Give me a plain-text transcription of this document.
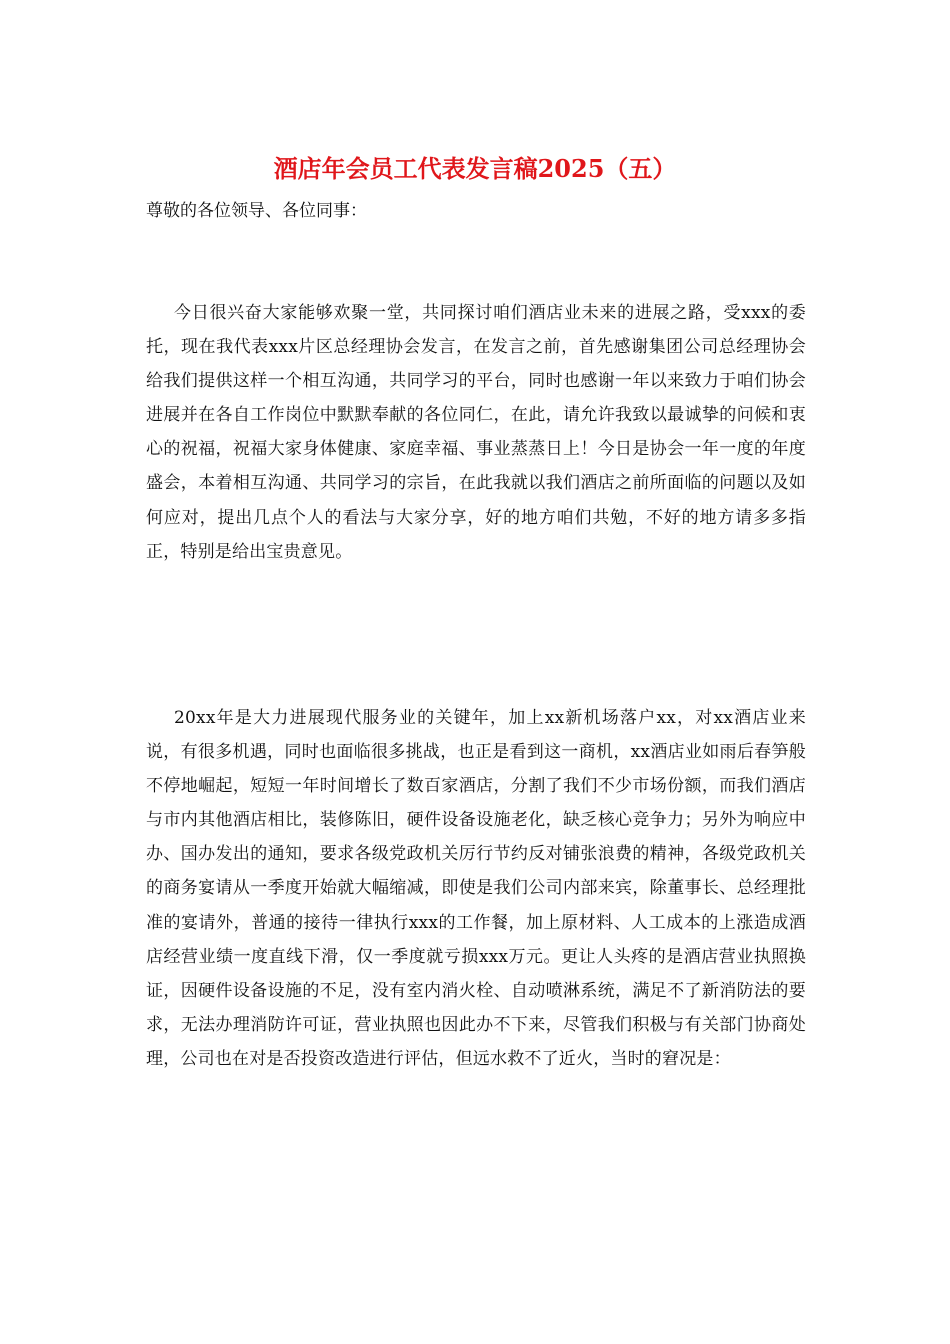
酒店年会员工代表发言稿2025（五）

尊敬的各位领导、各位同事：

今日很兴奋大家能够欢聚一堂，共同探讨咱们酒店业未来的进展之路，受xxx的委托，现在我代表xxx片区总经理协会发言，在发言之前，首先感谢集团公司总经理协会给我们提供这样一个相互沟通，共同学习的平台，同时也感谢一年以来致力于咱们协会进展并在各自工作岗位中默默奉献的各位同仁，在此，请允许我致以最诚挚的问候和衷心的祝福，祝福大家身体健康、家庭幸福、事业蒸蒸日上！今日是协会一年一度的年度盛会，本着相互沟通、共同学习的宗旨，在此我就以我们酒店之前所面临的问题以及如何应对，提出几点个人的看法与大家分享，好的地方咱们共勉，不好的地方请多多指正，特别是给出宝贵意见。

20xx年是大力进展现代服务业的关键年，加上xx新机场落户xx，对xx酒店业来说，有很多机遇，同时也面临很多挑战，也正是看到这一商机，xx酒店业如雨后春笋般不停地崛起，短短一年时间增长了数百家酒店，分割了我们不少市场份额，而我们酒店与市内其他酒店相比，装修陈旧，硬件设备设施老化，缺乏核心竞争力；另外为响应中办、国办发出的通知，要求各级党政机关厉行节约反对铺张浪费的精神，各级党政机关的商务宴请从一季度开始就大幅缩减，即使是我们公司内部来宾，除董事长、总经理批准的宴请外，普通的接待一律执行xxx的工作餐，加上原材料、人工成本的上涨造成酒店经营业绩一度直线下滑，仅一季度就亏损xxx万元。更让人头疼的是酒店营业执照换证，因硬件设备设施的不足，没有室内消火栓、自动喷淋系统，满足不了新消防法的要求，无法办理消防许可证，营业执照也因此办不下来，尽管我们积极与有关部门协商处理，公司也在对是否投资改造进行评估，但远水救不了近火，当时的窘况是：
